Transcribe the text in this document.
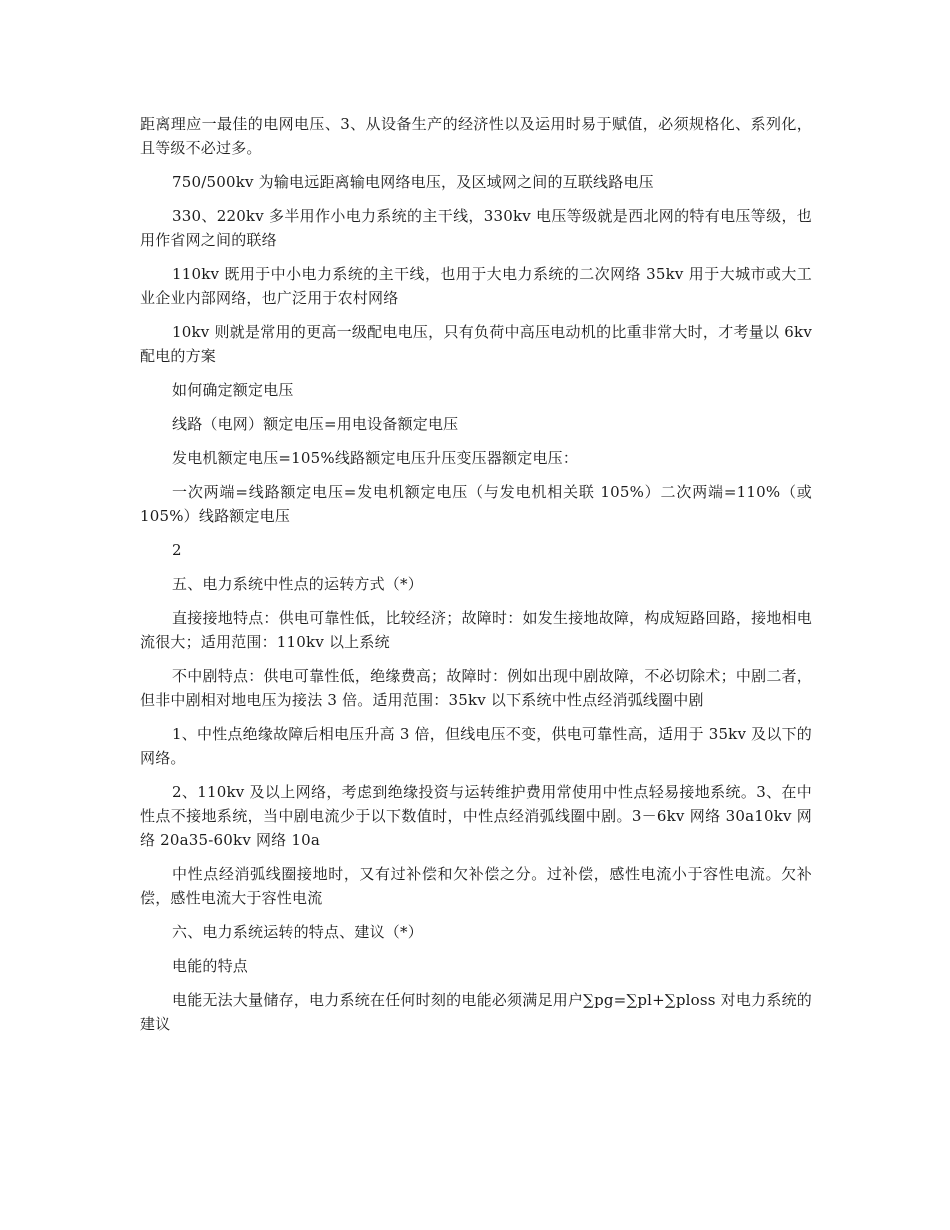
距离理应一最佳的电网电压、3、从设备生产的经济性以及运用时易于赋值，必须规格化、系列化，且等级不必过多。

750/500kv 为输电远距离输电网络电压，及区域网之间的互联线路电压

330、220kv 多半用作小电力系统的主干线，330kv 电压等级就是西北网的特有电压等级，也用作省网之间的联络

110kv 既用于中小电力系统的主干线，也用于大电力系统的二次网络 35kv 用于大城市或大工业企业内部网络，也广泛用于农村网络

10kv 则就是常用的更高一级配电电压，只有负荷中高压电动机的比重非常大时，才考量以 6kv 配电的方案

如何确定额定电压

线路（电网）额定电压=用电设备额定电压

发电机额定电压=105%线路额定电压升压变压器额定电压：

一次两端=线路额定电压=发电机额定电压（与发电机相关联 105%）二次两端=110%（或 105%）线路额定电压

2

五、电力系统中性点的运转方式（*）

直接接地特点：供电可靠性低，比较经济；故障时：如发生接地故障，构成短路回路，接地相电流很大；适用范围：110kv 以上系统

不中剧特点：供电可靠性低，绝缘费高；故障时：例如出现中剧故障，不必切除术；中剧二者，但非中剧相对地电压为接法 3 倍。适用范围：35kv 以下系统中性点经消弧线圈中剧

1、中性点绝缘故障后相电压升高 3 倍，但线电压不变，供电可靠性高，适用于 35kv 及以下的网络。

2、110kv 及以上网络，考虑到绝缘投资与运转维护费用常使用中性点轻易接地系统。3、在中性点不接地系统，当中剧电流少于以下数值时，中性点经消弧线圈中剧。3－6kv 网络 30a10kv 网络 20a35-60kv 网络 10a

中性点经消弧线圈接地时，又有过补偿和欠补偿之分。过补偿，感性电流小于容性电流。欠补偿，感性电流大于容性电流

六、电力系统运转的特点、建议（*）

电能的特点

电能无法大量储存，电力系统在任何时刻的电能必须满足用户∑pg=∑pl+∑ploss 对电力系统的建议
